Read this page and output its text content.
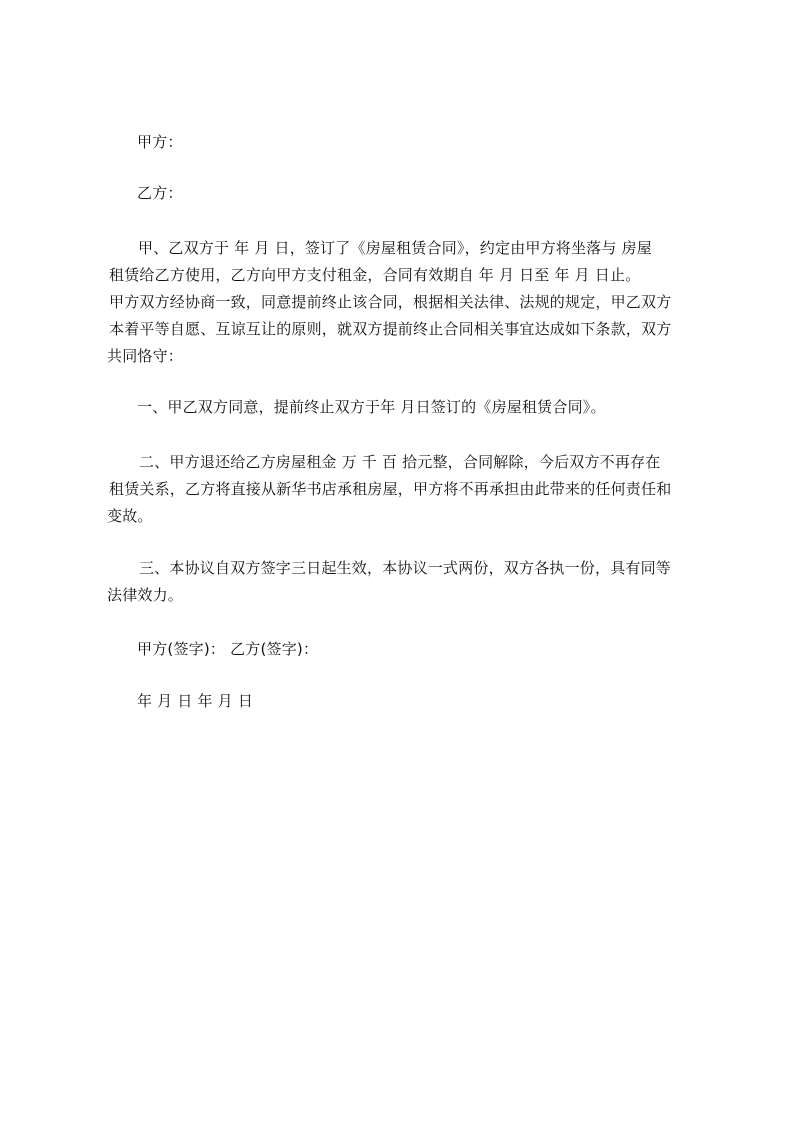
甲方：
乙方：
甲、乙双方于 年 月 日，签订了《房屋租赁合同》，约定由甲方将坐落与 房屋
租赁给乙方使用，乙方向甲方支付租金，合同有效期自 年 月 日至 年 月 日止。
甲方双方经协商一致，同意提前终止该合同，根据相关法律、法规的规定，甲乙双方
本着平等自愿、互谅互让的原则，就双方提前终止合同相关事宜达成如下条款，双方
共同恪守：
一、甲乙双方同意，提前终止双方于年 月日签订的《房屋租赁合同》。
二、甲方退还给乙方房屋租金 万 千 百 拾元整，合同解除，今后双方不再存在
租赁关系，乙方将直接从新华书店承租房屋，甲方将不再承担由此带来的任何责任和
变故。
三、本协议自双方签字三日起生效，本协议一式两份，双方各执一份，具有同等
法律效力。
甲方(签字)： 乙方(签字)：
年 月 日 年 月 日
